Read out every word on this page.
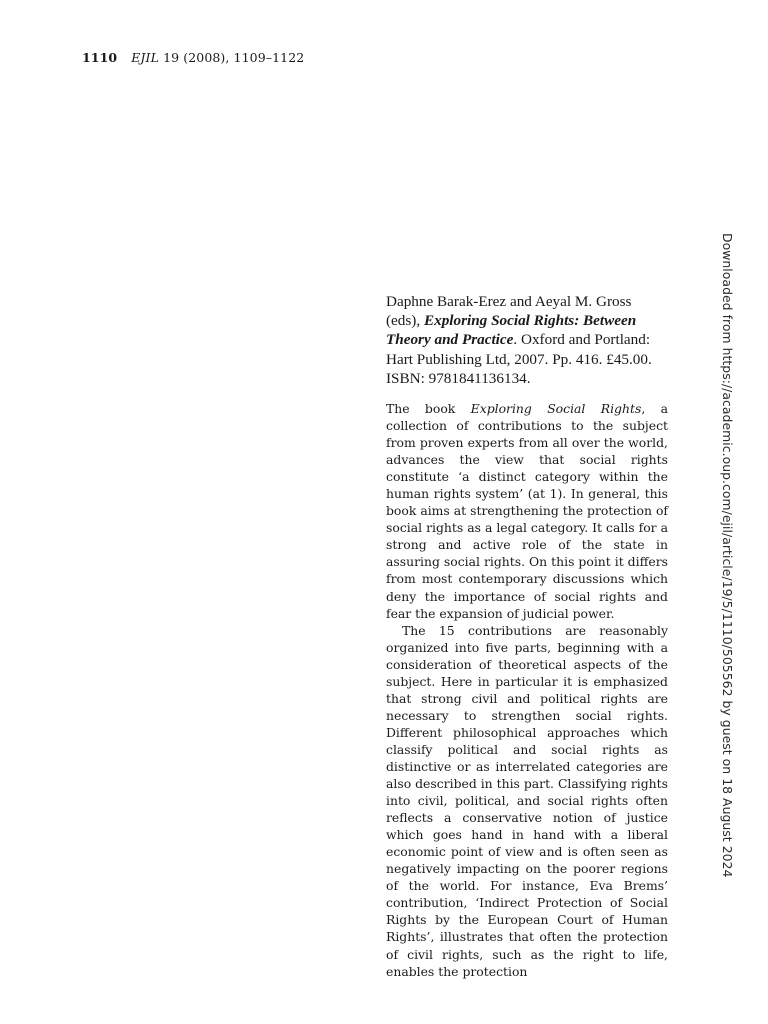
1110 EJIL 19 (2008), 1109–1122
Daphne Barak-Erez and Aeyal M. Gross (eds), Exploring Social Rights: Between Theory and Practice. Oxford and Portland: Hart Publishing Ltd, 2007. Pp. 416. £45.00. ISBN: 9781841136134.

The book Exploring Social Rights, a collection of contributions to the subject from proven experts from all over the world, advances the view that social rights constitute ‘a distinct category within the human rights system’ (at 1). In general, this book aims at strengthening the protection of social rights as a legal category. It calls for a strong and active role of the state in assuring social rights. On this point it differs from most contemporary discussions which deny the importance of social rights and fear the expansion of judicial power.

The 15 contributions are reasonably organized into five parts, beginning with a consideration of theoretical aspects of the subject. Here in particular it is emphasized that strong civil and political rights are necessary to strengthen social rights. Different philosophical approaches which classify political and social rights as distinctive or as interrelated categories are also described in this part. Classifying rights into civil, political, and social rights often reflects a conservative notion of justice which goes hand in hand with a liberal economic point of view and is often seen as negatively impacting on the poorer regions of the world. For instance, Eva Brems’ contribution, ‘Indirect Protection of Social Rights by the European Court of Human Rights’, illustrates that often the protection of civil rights, such as the right to life, enables the protection

Downloaded from https://academic.oup.com/ejil/article/19/5/1110/505562 by guest on 18 August 2024
